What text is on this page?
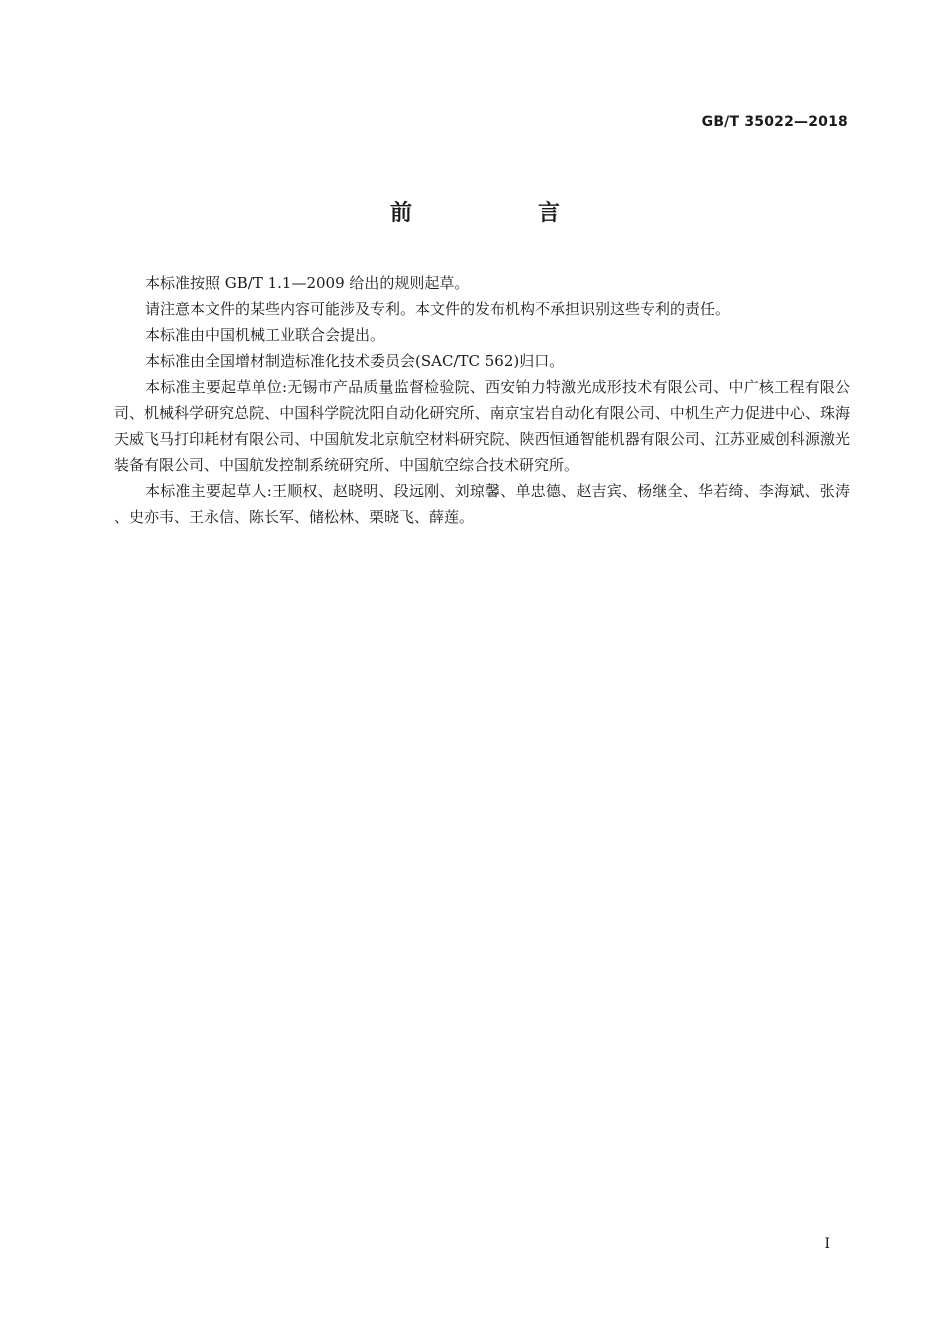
GB/T 35022—2018
前　言

本标准按照 GB/T 1.1—2009 给出的规则起草。

请注意本文件的某些内容可能涉及专利。本文件的发布机构不承担识别这些专利的责任。

本标准由中国机械工业联合会提出。

本标准由全国增材制造标准化技术委员会(SAC/TC 562)归口。

本标准主要起草单位:无锡市产品质量监督检验院、西安铂力特激光成形技术有限公司、中广核工程有限公司、机械科学研究总院、中国科学院沈阳自动化研究所、南京宝岩自动化有限公司、中机生产力促进中心、珠海天威飞马打印耗材有限公司、中国航发北京航空材料研究院、陕西恒通智能机器有限公司、江苏亚威创科源激光装备有限公司、中国航发控制系统研究所、中国航空综合技术研究所。

本标准主要起草人:王顺权、赵晓明、段远刚、刘琼馨、单忠德、赵吉宾、杨继全、华若绮、李海斌、张涛、史亦韦、王永信、陈长军、储松林、栗晓飞、薛莲。

I
